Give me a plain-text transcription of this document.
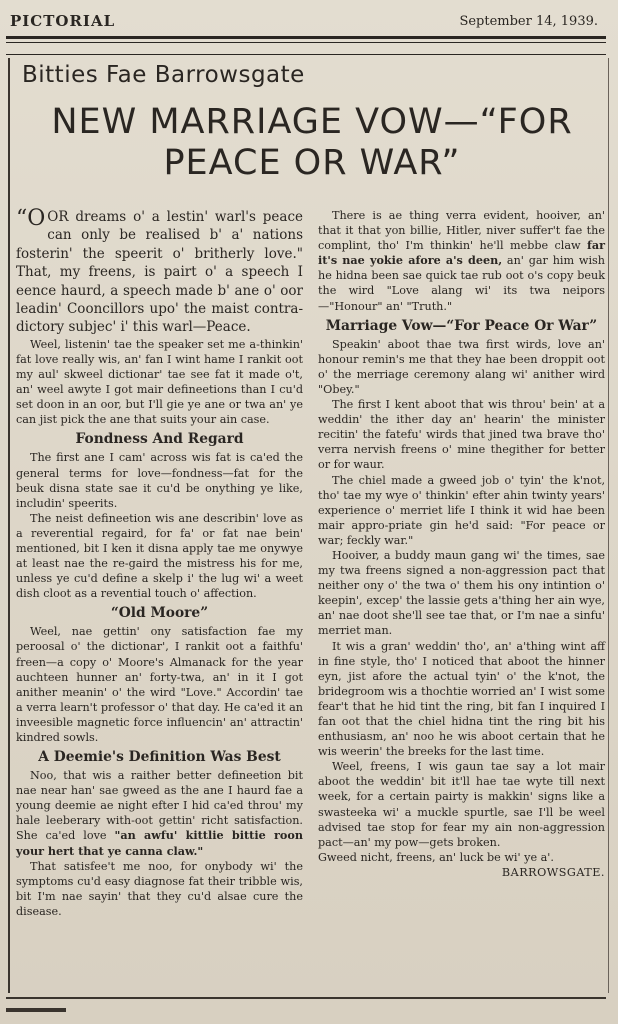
PICTORIAL	September 14, 1939.
Bitties Fae Barrowsgate
NEW MARRIAGE VOW—“FOR PEACE OR WAR”

“OOR dreams o' a lestin' warl's peace can only be realised b' a' nations fosterin' the speerit o' britherly love." That, my freens, is pairt o' a speech I eence haurd, a speech made b' ane o' oor leadin' Cooncillors upo' the maist contra-dictory subjec' i' this warl—Peace.

Weel, listenin' tae the speaker set me a-thinkin' fat love really wis, an' fan I wint hame I rankit oot my aul' skweel dictionar' tae see fat it made o't, an' weel awyte I got mair defineetions than I cu'd set doon in an oor, but I'll gie ye ane or twa an' ye can jist pick the ane that suits your ain case.

Fondness And Regard

The first ane I cam' across wis fat is ca'ed the general terms for love—fondness—fat for the beuk disna state sae it cu'd be onything ye like, includin' speerits.

The neist defineetion wis ane describin' love as a reverential regaird, for fa' or fat nae bein' mentioned, bit I ken it disna apply tae me onywye at least nae the re-gaird the mistress his for me, unless ye cu'd define a skelp i' the lug wi' a weet dish cloot as a revential touch o' affection.

“Old Moore”

Weel, nae gettin' ony satisfaction fae my peroosal o' the dictionar', I rankit oot a faithfu' freen—a copy o' Moore's Almanack for the year auchteen hunner an' forty-twa, an' in it I got anither meanin' o' the wird "Love." Accordin' tae a verra learn't professor o' that day. He ca'ed it an inveesible magnetic force influencin' an' attractin' kindred sowls.

A Deemie's Definition Was Best

Noo, that wis a raither better defineetion bit nae near han' sae gweed as the ane I haurd fae a young deemie ae night efter I hid ca'ed throu' my hale leeberary with-oot gettin' richt satisfaction. She ca'ed love "an awfu' kittlie bittie roon your hert that ye canna claw."

That satisfee't me noo, for onybody wi' the symptoms cu'd easy diagnose fat their tribble wis, bit I'm nae sayin' that they cu'd alsae cure the disease.

There is ae thing verra evident, hooiver, an' that it that yon billie, Hitler, niver suffer't fae the complint, tho' I'm thinkin' he'll mebbe claw far it's nae yokie afore a's deen, an' gar him wish he hidna been sae quick tae rub oot o's copy beuk the wird "Love alang wi' its twa neipors—"Honour" an' "Truth."

Marriage Vow—“For Peace Or War”

Speakin' aboot thae twa first wirds, love an' honour remin's me that they hae been droppit oot o' the merriage ceremony alang wi' anither wird "Obey."

The first I kent aboot that wis throu' bein' at a weddin' the ither day an' hearin' the minister recitin' the fatefu' wirds that jined twa brave tho' verra nervish freens o' mine thegither for better or for waur.

The chiel made a gweed job o' tyin' the k'not, tho' tae my wye o' thinkin' efter ahin twinty years' experience o' merriet life I think it wid hae been mair appro-priate gin he'd said: "For peace or war; feckly war."

Hooiver, a buddy maun gang wi' the times, sae my twa freens signed a non-aggression pact that neither ony o' the twa o' them his ony intintion o' keepin', excep' the lassie gets a'thing her ain wye, an' nae doot she'll see tae that, or I'm nae a sinfu' merriet man.

It wis a gran' weddin' tho', an' a'thing wint aff in fine style, tho' I noticed that aboot the hinner eyn, jist afore the actual tyin' o' the k'not, the bridegroom wis a thochtie worried an' I wist some fear't that he hid tint the ring, bit fan I inquired I fan oot that the chiel hidna tint the ring bit his enthusiasm, an' noo he wis aboot certain that he wis weerin' the breeks for the last time.

Weel, freens, I wis gaun tae say a lot mair aboot the weddin' bit it'll hae tae wyte till next week, for a certain pairty is makkin' signs like a swasteeka wi' a muckle spurtle, sae I'll be weel advised tae stop for fear my ain non-aggression pact—an' my pow—gets broken.

Gweed nicht, freens, an' luck be wi' ye a'.
BARROWSGATE.
